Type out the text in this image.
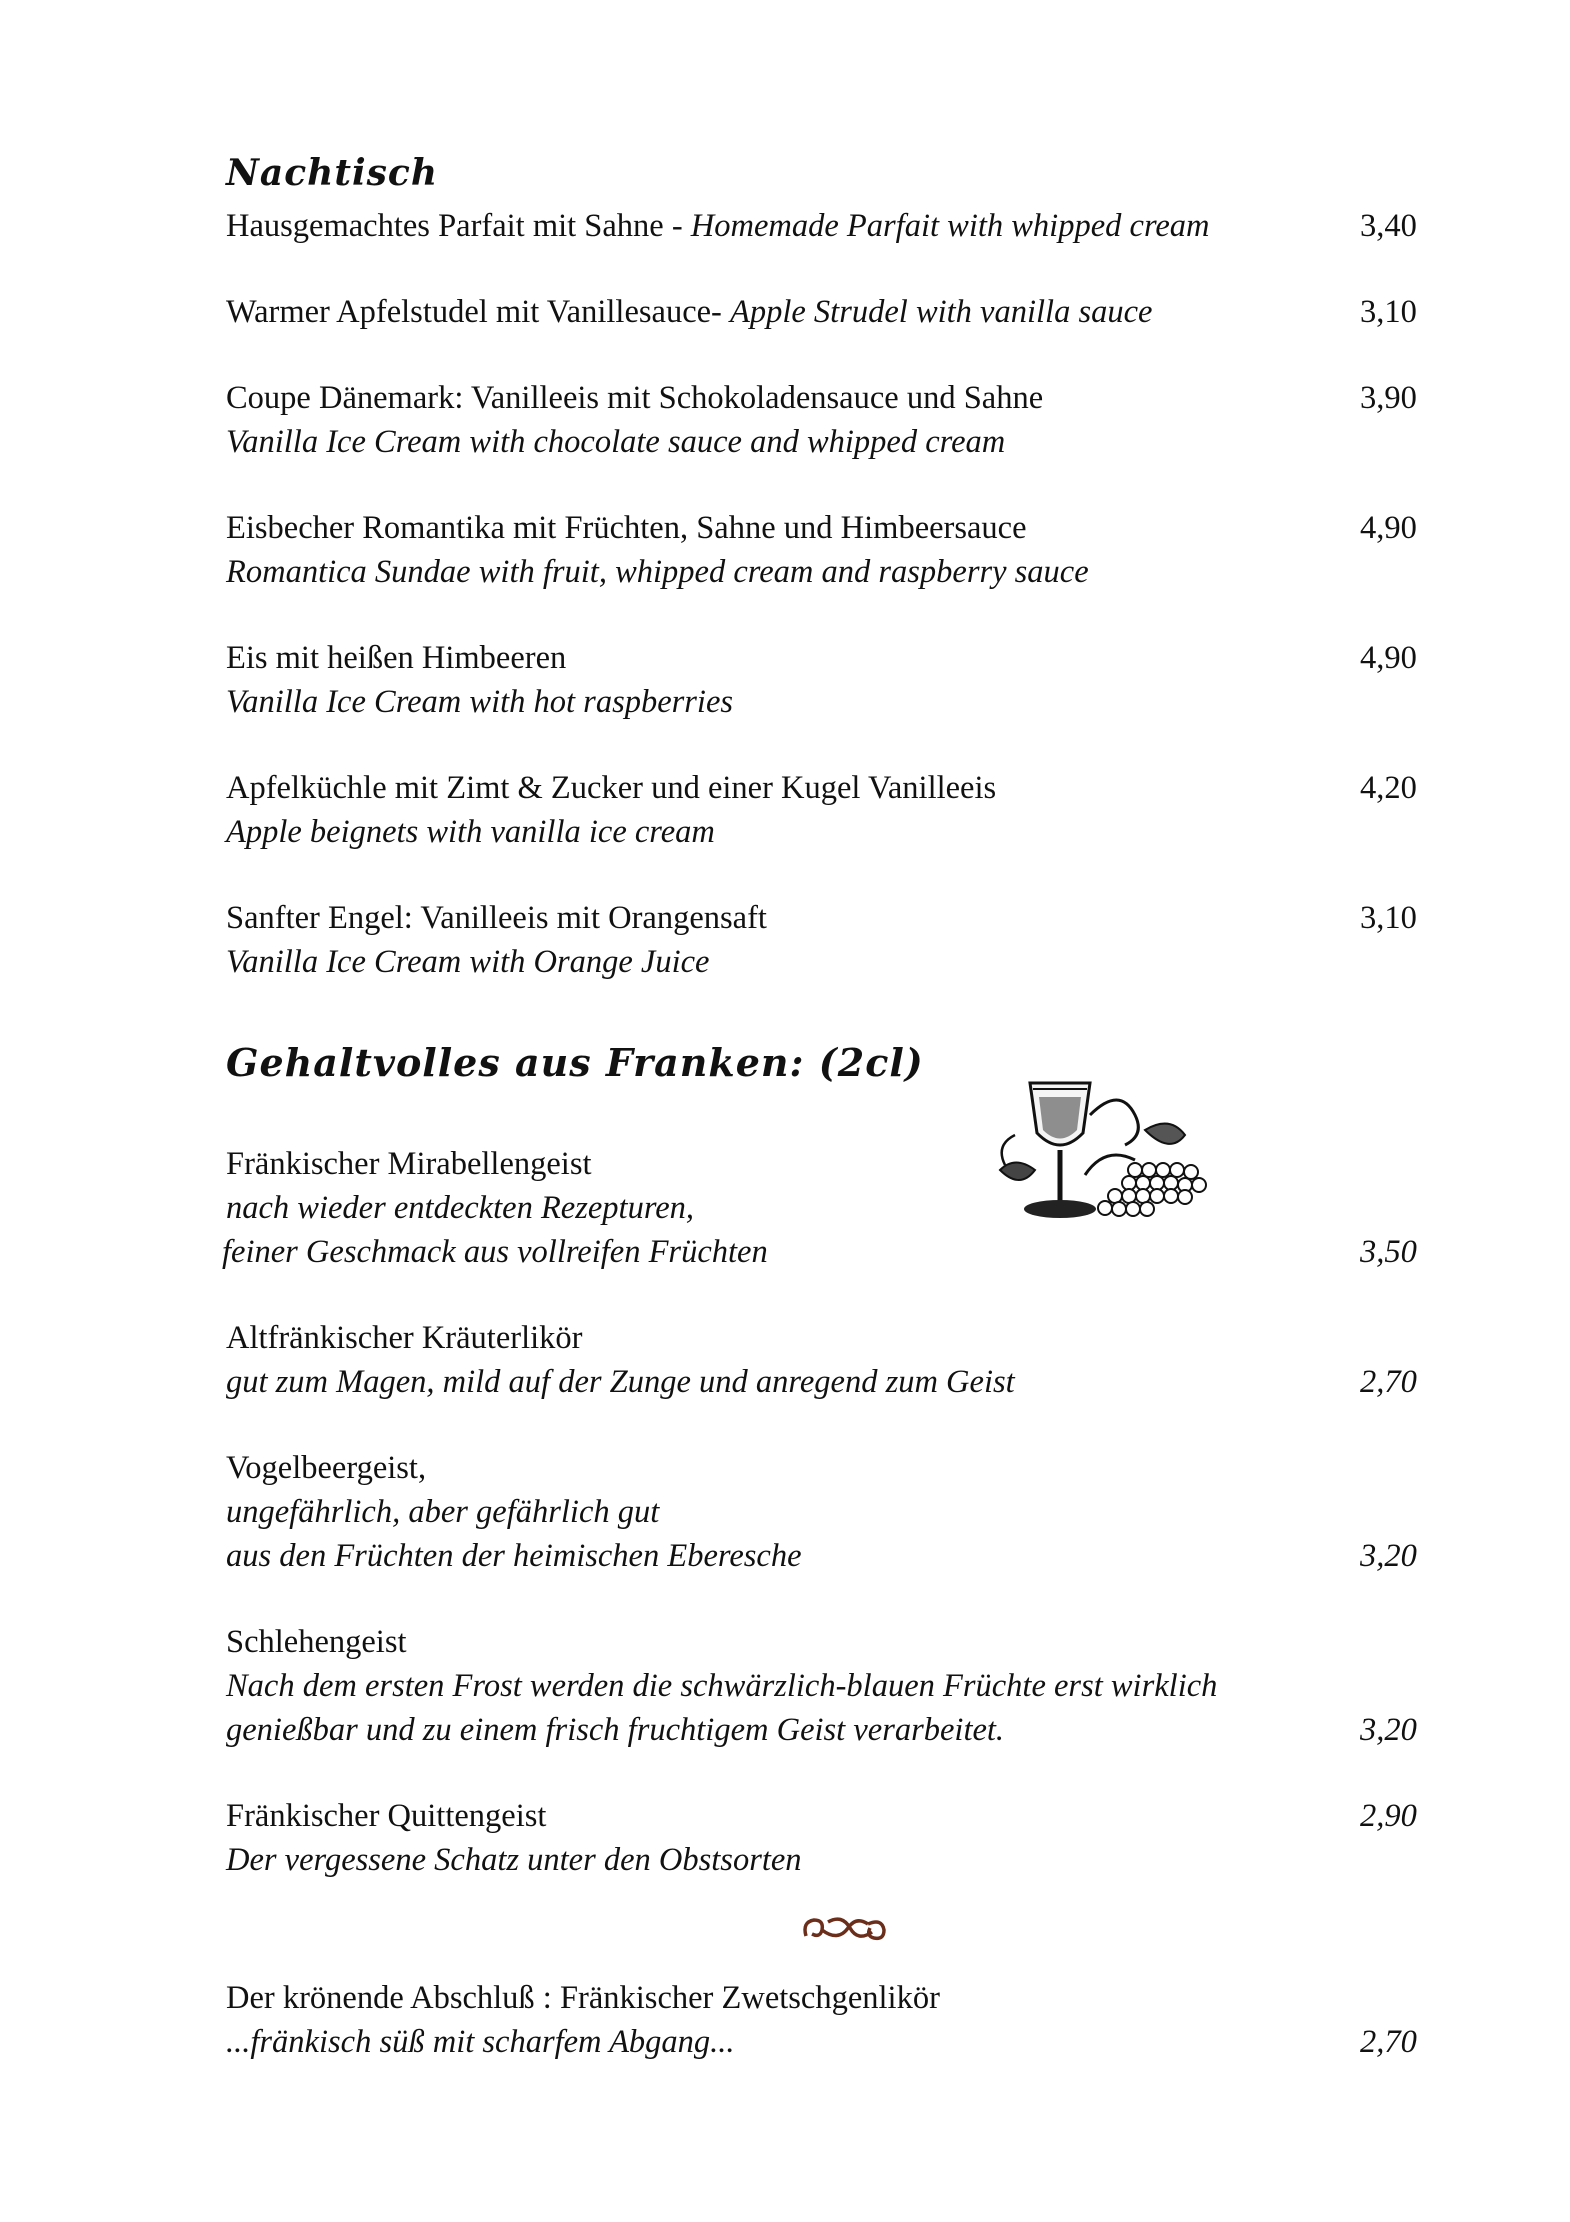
Nachtisch
Hausgemachtes Parfait mit Sahne - Homemade Parfait with whipped cream	3,40
Warmer Apfelstudel mit Vanillesauce- Apple Strudel with vanilla sauce	3,10
Coupe Dänemark: Vanilleeis mit Schokoladensauce und Sahne	3,90
Vanilla Ice Cream with chocolate sauce and whipped cream
Eisbecher Romantika mit Früchten, Sahne und Himbeersauce	4,90
Romantica Sundae with fruit, whipped cream and raspberry sauce
Eis mit heißen Himbeeren	4,90
Vanilla Ice Cream with hot raspberries
Apfelküchle mit Zimt & Zucker und einer Kugel Vanilleeis	4,20
Apple beignets with vanilla ice cream
Sanfter Engel: Vanilleeis mit Orangensaft	3,10
Vanilla Ice Cream with Orange Juice
Gehaltvolles aus Franken: (2cl)
Fränkischer Mirabellengeist
nach wieder entdeckten Rezepturen,
feiner Geschmack aus vollreifen Früchten	3,50
Altfränkischer Kräuterlikör
gut zum Magen, mild auf der Zunge und anregend zum Geist	2,70
Vogelbeergeist,
ungefährlich, aber gefährlich gut
aus den Früchten der heimischen Eberesche	3,20
Schlehengeist
Nach dem ersten Frost werden die schwärzlich-blauen Früchte erst wirklich
genießbar und zu einem frisch fruchtigem Geist verarbeitet.	3,20
Fränkischer Quittengeist	2,90
Der vergessene Schatz unter den Obstsorten
Der krönende Abschluß : Fränkischer Zwetschgenlikör
...fränkisch süß mit scharfem Abgang...	2,70
